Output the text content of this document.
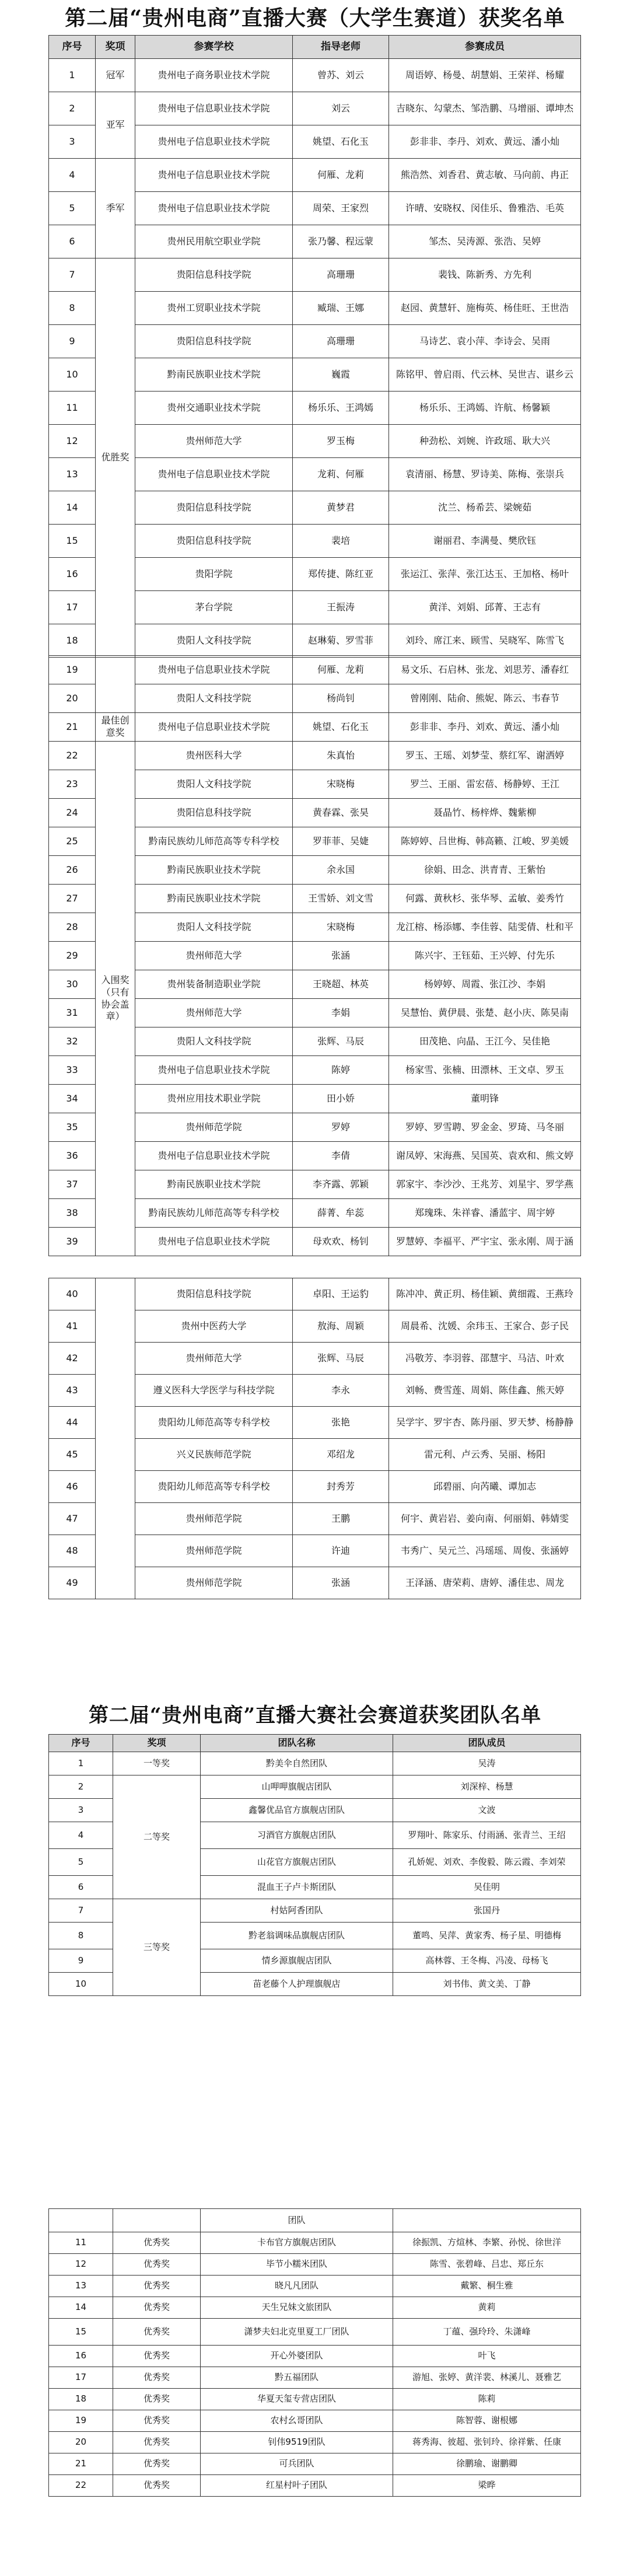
第二届“贵州电商”直播大赛（大学生赛道）获奖名单
序号	奖项	参赛学校	指导老师	参赛成员
1	冠军	贵州电子商务职业技术学院	曾苏、刘云	周语婷、杨曼、胡慧娟、王荣祥、杨耀
2	亚军	贵州电子信息职业技术学院	刘云	吉晓东、勾蒙杰、邹浩鹏、马增丽、谭坤杰
3		贵州电子信息职业技术学院	姚望、石化玉	彭非非、李丹、刘欢、黄远、潘小灿
4	季军	贵州电子信息职业技术学院	何雁、龙莉	熊浩然、刘香君、黄志敏、马向前、冉正
5		贵州电子信息职业技术学院	周荣、王家烈	许晴、安晓权、闵佳乐、鲁雅浩、毛英
6		贵州民用航空职业学院	张乃馨、程远蒙	邹杰、吴涛源、张浩、吴婷
7	优胜奖	贵阳信息科技学院	高珊珊	裴钱、陈新秀、方先利
8		贵州工贸职业技术学院	臧瑞、王娜	赵园、黄慧轩、施梅英、杨佳旺、王世浩
9		贵阳信息科技学院	高珊珊	马诗艺、袁小萍、李诗会、吴雨
10		黔南民族职业技术学院	巍霞	陈铭甲、曾启雨、代云林、吴世吉、谌乡云
11		贵州交通职业技术学院	杨乐乐、王鸿嫣	杨乐乐、王鸿嫣、许航、杨馨颖
12		贵州师范大学	罗玉梅	种劲松、刘婉、许政瑶、耿大兴
13		贵州电子信息职业技术学院	龙莉、何雁	袁清丽、杨慧、罗诗美、陈梅、张崇兵
14		贵阳信息科技学院	黄梦君	沈兰、杨希芸、梁婉茹
15		贵阳信息科技学院	裴培	谢丽君、李满曼、樊欣钰
16		贵阳学院	郑传捷、陈红亚	张运江、张萍、张江达玉、王加格、杨叶
17		茅台学院	王振涛	黄洋、刘娟、邱菁、王志有
18		贵阳人文科技学院	赵琳菊、罗雪菲	刘玲、席江来、顾雪、吴晓军、陈雪飞
19		贵州电子信息职业技术学院	何雁、龙莉	易文乐、石启林、张龙、刘思芳、潘春红
20		贵阳人文科技学院	杨尚钊	曾刚刚、陆俞、熊妮、陈云、韦春节
21	最佳创意奖	贵州电子信息职业技术学院	姚望、石化玉	彭非非、李丹、刘欢、黄远、潘小灿
22	入围奖（只有协会盖章）	贵州医科大学	朱真怡	罗玉、王瑶、刘梦莹、蔡红军、谢洒婷
23		贵阳人文科技学院	宋晓梅	罗兰、王丽、雷宏蓓、杨静婷、王江
24		贵阳信息科技学院	黄春霖、张昊	聂晶竹、杨梓烨、魏紫柳
25		黔南民族幼儿师范高等专科学校	罗菲菲、吴婕	陈婷婷、吕世梅、韩高籁、江峻、罗美媛
26		黔南民族职业技术学院	余永国	徐娟、田念、洪青青、王紫怡
27		黔南民族职业技术学院	王雪娇、刘文雪	何露、黄秋杉、张华琴、孟敏、姜秀竹
28		贵阳人文科技学院	宋晓梅	龙江榕、杨添娜、李佳蓉、陆雯倩、杜和平
29		贵州师范大学	张涵	陈兴宇、王钰茹、王兴婷、付先乐
30		贵州装备制造职业学院	王晓超、林英	杨婷婷、周霞、张江沙、李娟
31		贵州师范大学	李娟	吴慧怡、黄伊晨、张楚、赵小庆、陈昊南
32		贵阳人文科技学院	张辉、马辰	田茂艳、向晶、王江今、吴佳艳
33		贵州电子信息职业技术学院	陈婷	杨家雪、张楠、田漂林、王文卓、罗玉
34		贵州应用技术职业学院	田小娇	董明锋
35		贵州师范学院	罗婷	罗婷、罗雪聘、罗金金、罗琦、马冬丽
36		贵州电子信息职业技术学院	李倩	谢凤婷、宋海燕、吴国英、袁欢和、熊文婷
37		黔南民族职业技术学院	李齐露、郭颖	郭家宇、李沙沙、王兆芳、刘星宇、罗学燕
38		黔南民族幼儿师范高等专科学校	薛菁、牟蕊	郑瑰珠、朱祥睿、潘蓝宇、周宇婷
39		贵州电子信息职业技术学院	母欢欢、杨钊	罗慧婷、李福平、严宇宝、张永刚、周于涵
40		贵阳信息科技学院	卓阳、王运豹	陈冲冲、黄正玥、杨佳颖、黄细霞、王燕玲
41		贵州中医药大学	敖海、周颖	周晨希、沈媛、余玮玉、王家合、彭子民
42		贵州师范大学	张辉、马辰	冯敬芳、李羽蓉、邵慧宇、马洁、叶欢
43		遵义医科大学医学与科技学院	李永	刘畅、费雪莲、周娟、陈佳鑫、熊天婷
44		贵阳幼儿师范高等专科学校	张艳	吴学宇、罗宇杏、陈丹丽、罗天梦、杨静静
45		兴义民族师范学院	邓绍龙	雷元利、卢云秀、吴丽、杨阳
46		贵阳幼儿师范高等专科学校	封秀芳	邱碧丽、向芮曦、谭加志
47		贵州师范学院	王鹏	何宇、黄岩岩、姜向南、何丽娟、韩婧雯
48		贵州师范学院	许迪	韦秀广、吴元兰、冯瑶瑶、周俊、张涵婷
49		贵州师范学院	张涵	王泽涵、唐荣莉、唐婷、潘佳忠、周龙
第二届“贵州电商”直播大赛社会赛道获奖团队名单
序号	奖项	团队名称	团队成员
1	一等奖	黔美伞自然团队	吴涛
2	二等奖	山呷呷旗舰店团队	刘深梓、杨慧
3		鑫馨优品官方旗舰店团队	文波
4		习酒官方旗舰店团队	罗翔叶、陈家乐、付雨涵、张青兰、王绍
5		山花官方旗舰店团队	孔娇妮、刘欢、李俊毅、陈云霞、李刘荣
6		混血王子卢卡斯团队	吴佳明
7	三等奖	村姑阿香团队	张国丹
8		黔老翁调味品旗舰店团队	董鸣、吴萍、黄家秀、杨子星、明德梅
9		情乡源旗舰店团队	高林蓉、王冬梅、冯凌、母杨飞
10		苗老藤个人护理旗舰店	刘书伟、黄文美、丁静
		团队	
11	优秀奖	卡布官方旗舰店团队	徐振凯、方煊林、李繁、孙悦、徐世洋
12	优秀奖	毕节小糯米团队	陈雪、张碧峰、吕忠、郑丘东
13	优秀奖	晓凡凡团队	戴繁、桐生雅
14	优秀奖	天生兄妹文旅团队	黄莉
15	优秀奖	潇梦夫妇北克里夏工厂团队	丁蕴、强玲玲、朱潇峰
16	优秀奖	开心外婆团队	叶飞
17	优秀奖	黔五福团队	游旭、张婷、黄洋裴、林溪儿、聂雅艺
18	优秀奖	华夏天玺专营店团队	陈莉
19	优秀奖	农村幺哥团队	陈智蓉、谢根娜
20	优秀奖	钊伟9519团队	蒋秀海、彼超、张钊玲、徐祥紫、任康
21	优秀奖	可兵团队	徐鹏瑜、谢鹏卿
22	优秀奖	红星村叶子团队	梁晔
